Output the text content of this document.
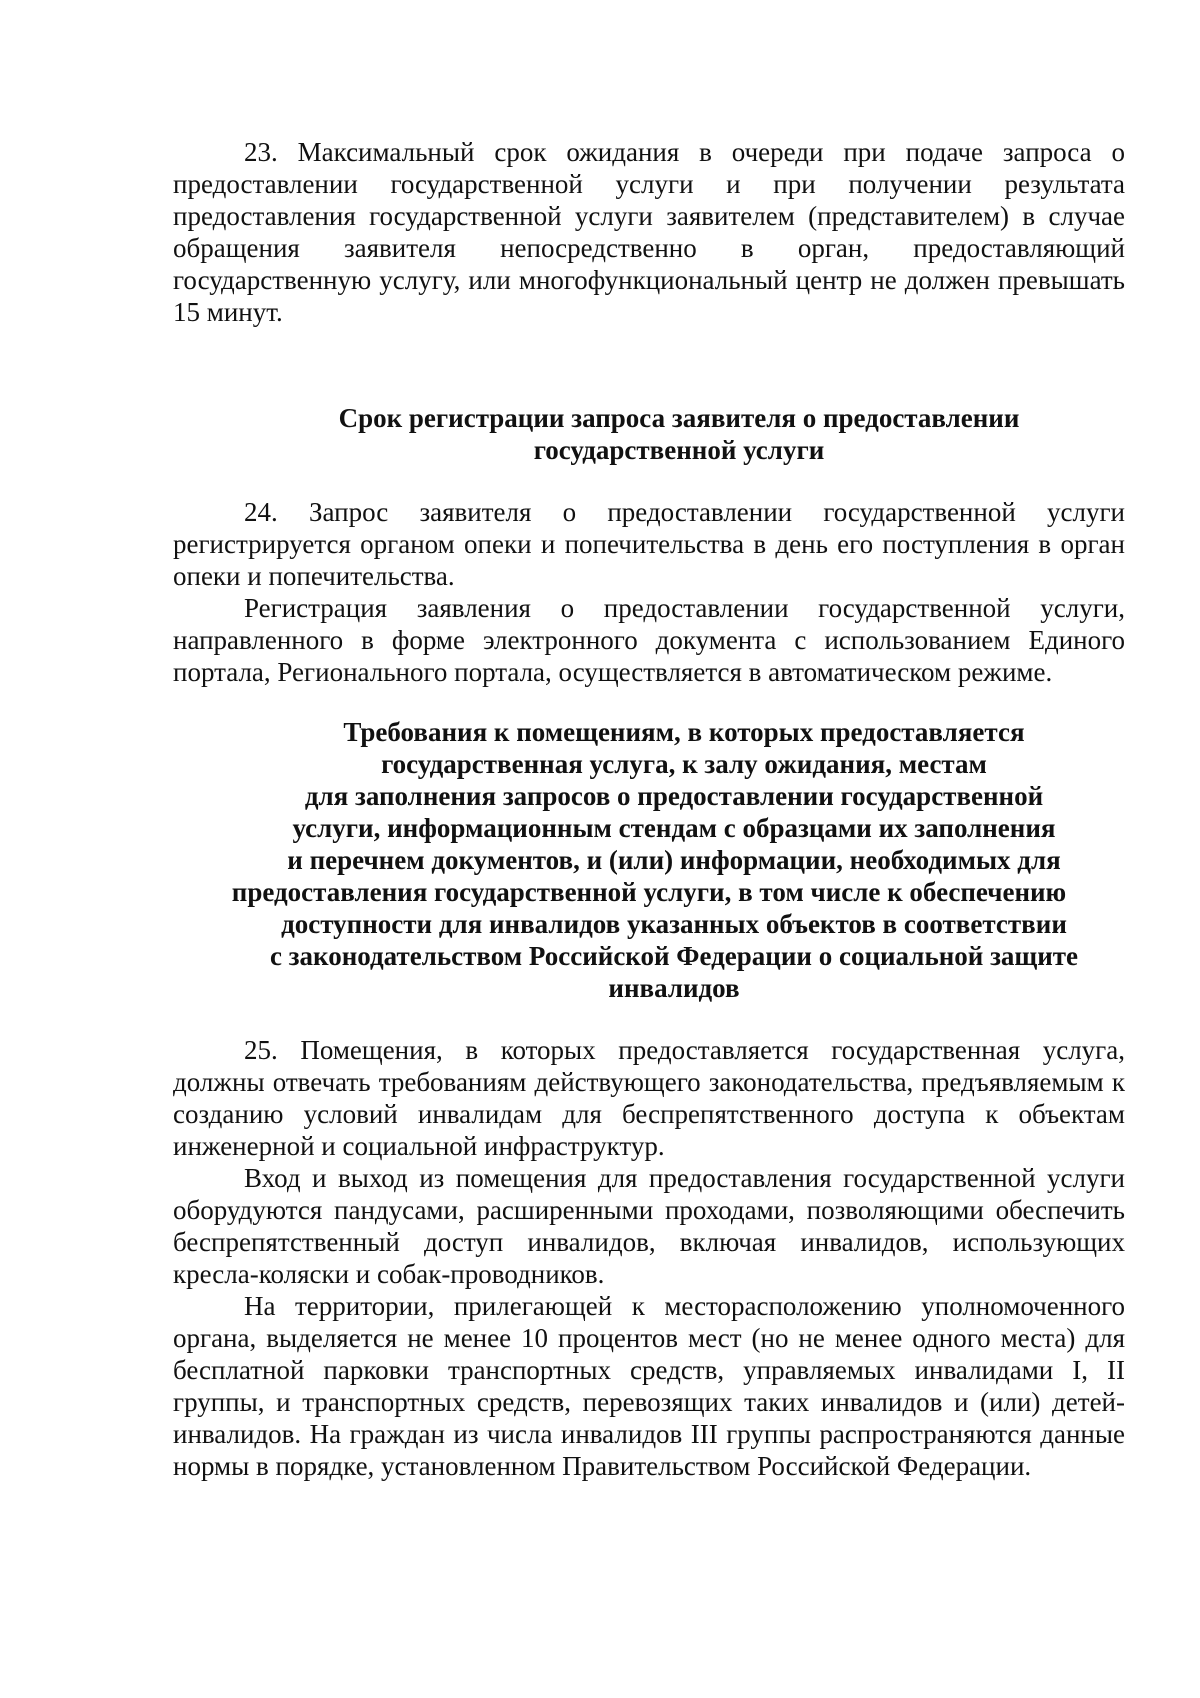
23. Максимальный срок ожидания в очереди при подаче запроса о предоставлении государственной услуги и при получении результата предоставления государственной услуги заявителем (представителем) в случае обращения заявителя непосредственно в орган, предоставляющий государственную услугу, или многофункциональный центр не должен превышать 15 минут.

Срок регистрации запроса заявителя о предоставлении
государственной услуги

24. Запрос заявителя о предоставлении государственной услуги регистрируется органом опеки и попечительства в день его поступления в орган опеки и попечительства.

Регистрация заявления о предоставлении государственной услуги, направленного в форме электронного документа с использованием Единого портала, Регионального портала, осуществляется в автоматическом режиме.

Требования к помещениям, в которых предоставляется
государственная услуга, к залу ожидания, местам
для заполнения запросов о предоставлении государственной
услуги, информационным стендам с образцами их заполнения
и перечнем документов, и (или) информации, необходимых для
предоставления государственной услуги, в том числе к обеспечению
доступности для инвалидов указанных объектов в соответствии
с законодательством Российской Федерации о социальной защите
инвалидов

25. Помещения, в которых предоставляется государственная услуга, должны отвечать требованиям действующего законодательства, предъявляемым к созданию условий инвалидам для беспрепятственного доступа к объектам инженерной и социальной инфраструктур.

Вход и выход из помещения для предоставления государственной услуги оборудуются пандусами, расширенными проходами, позволяющими обеспечить беспрепятственный доступ инвалидов, включая инвалидов, использующих кресла-коляски и собак-проводников.

На территории, прилегающей к месторасположению уполномоченного органа, выделяется не менее 10 процентов мест (но не менее одного места) для бесплатной парковки транспортных средств, управляемых инвалидами I, II группы, и транспортных средств, перевозящих таких инвалидов и (или) детей-инвалидов. На граждан из числа инвалидов III группы распространяются данные нормы в порядке, установленном Правительством Российской Федерации.
